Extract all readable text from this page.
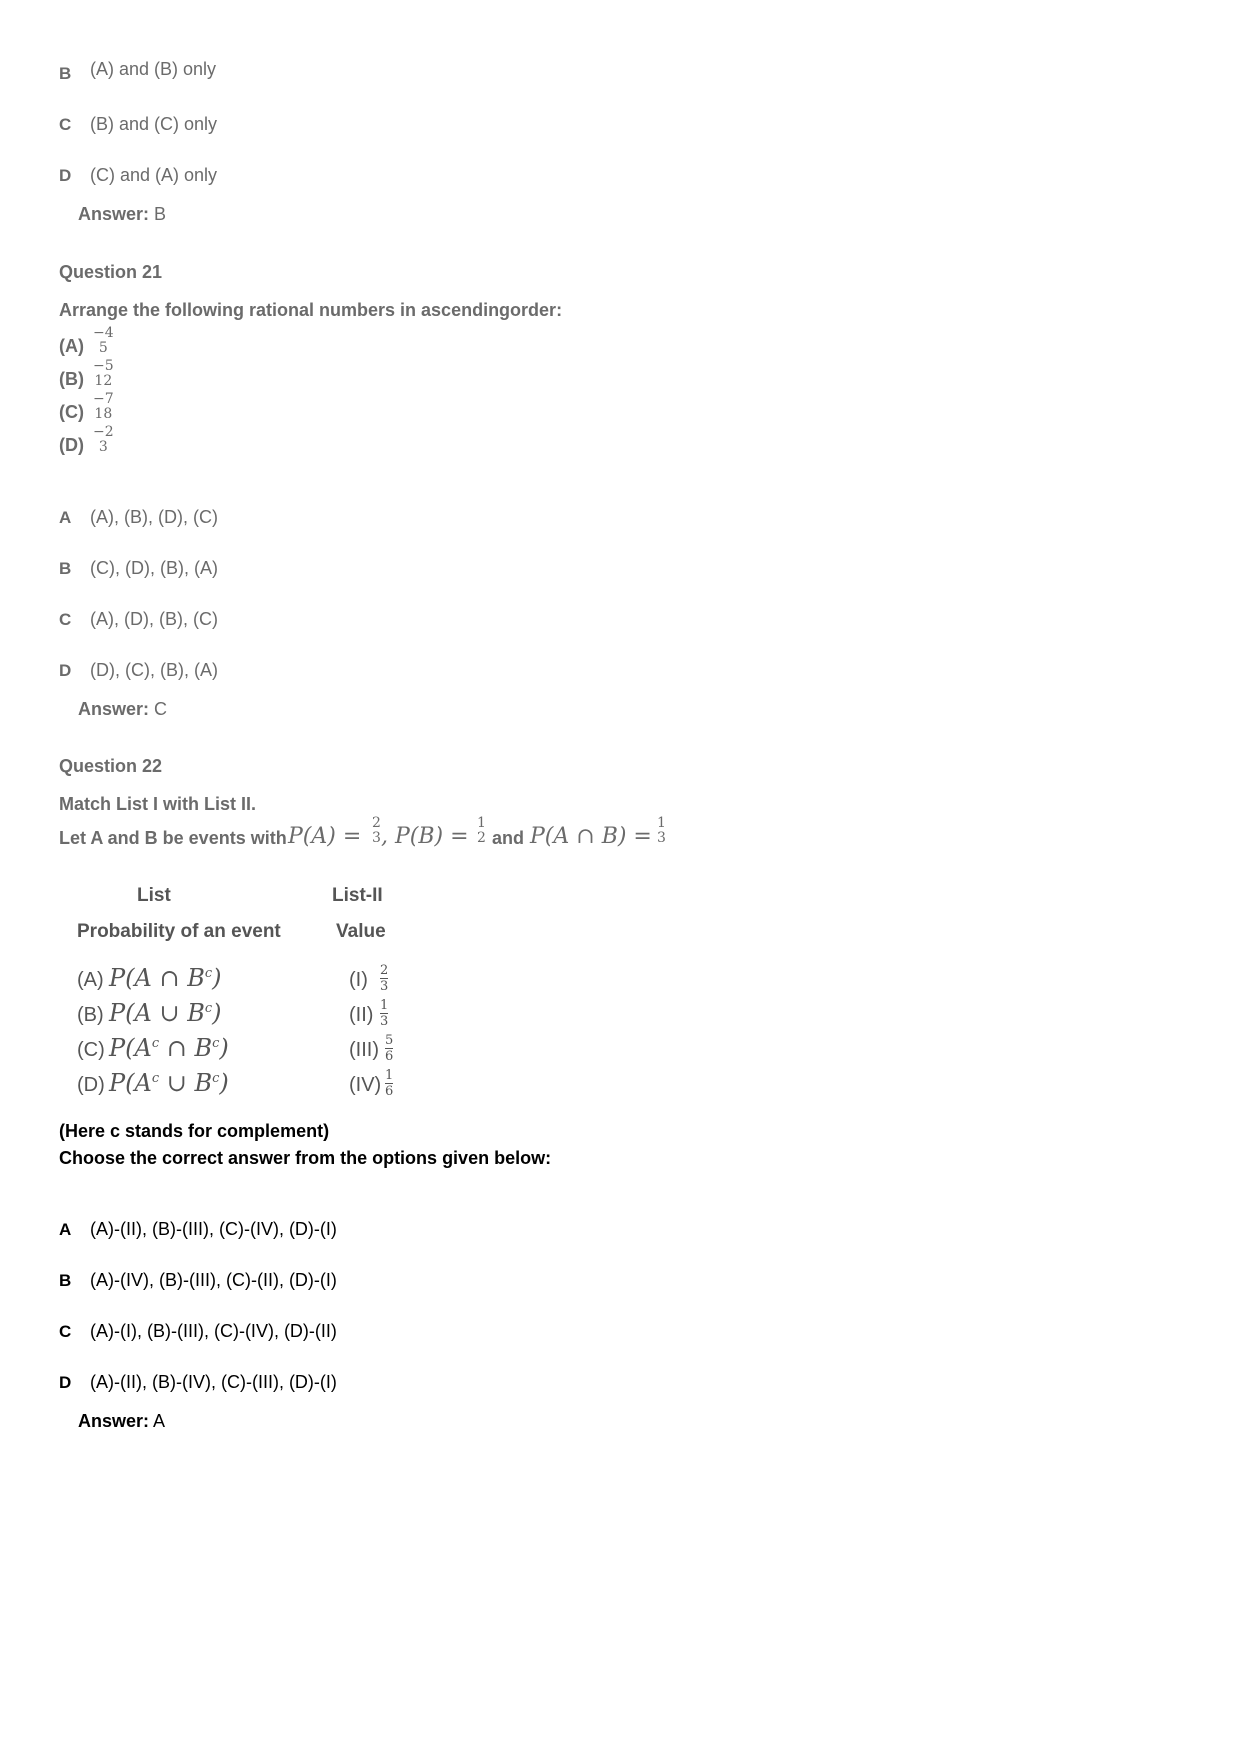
B (A) and (B) only
C (B) and (C) only
D (C) and (A) only
Answer: B
Question 21
Arrange the following rational numbers in ascendingorder:
(A)
−4
5
(B)
−5
12
(C)
−7
18
(D)
−2
3
A (A), (B), (D), (C)
B (C), (D), (B), (A)
C (A), (D), (B), (C)
D (D), (C), (B), (A)
Answer: C
Question 22
Match List I with List II.
Let A and B be events with P(A) =
2
3 , P(B) =
1
2 and P(A ∩ B) =
1
3
List	List-II
Probability of an event	Value
(A) P(A ∩ $B^c$)	(I) 2
3
(B) P(A ∪ $B^c$)	(II) 1
3
(C) $P(A^c$ ∩ $B^c$)	(III) 5
6
(D) $P(A^c$ ∪ $B^c$)	(IV) 1
6
(Here c stands for complement)
Choose the correct answer from the options given below:
A (A)-(II), (B)-(III), (C)-(IV), (D)-(I)
B (A)-(IV), (B)-(III), (C)-(II), (D)-(I)
C (A)-(I), (B)-(III), (C)-(IV), (D)-(II)
D (A)-(II), (B)-(IV), (C)-(III), (D)-(I)
Answer: A
